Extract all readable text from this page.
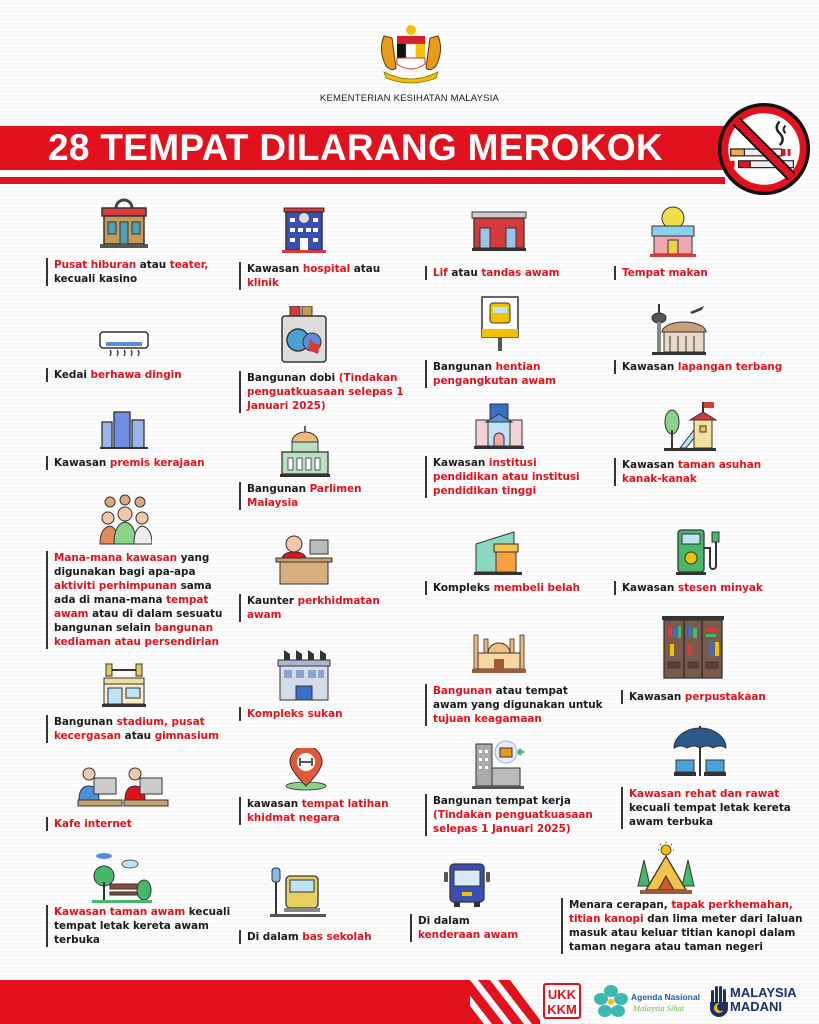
KEMENTERIAN KESIHATAN MALAYSIA
28 TEMPAT DILARANG MEROKOK
Pusat hiburan atau teater,
kecuali kasino
Kedai berhawa dingin
Kawasan premis kerajaan
Mana-mana kawasan yang digunakan bagi apa-apa aktiviti perhimpunan sama ada di mana-mana tempat awam atau di dalam sesuatu bangunan selain bangunan kediaman atau persendirian
Bangunan stadium, pusat kecergasan atau gimnasium
Kafe internet
Kawasan taman awam kecuali tempat letak kereta awam terbuka
Kawasan hospital atau klinik
Bangunan dobi (Tindakan penguatkuasaan selepas 1 Januari 2025)
Bangunan Parlimen Malaysia
Kaunter perkhidmatan awam
Kompleks sukan
kawasan tempat latihan khidmat negara
Di dalam bas sekolah
Lif atau tandas awam
Bangunan hentian pengangkutan awam
Kawasan institusi pendidikan atau institusi pendidikan tinggi
Kompleks membeli belah
Bangunan atau tempat awam yang digunakan untuk tujuan keagamaan
Bangunan tempat kerja (Tindakan penguatkuasaan selepas 1 Januari 2025)
Di dalam kenderaan awam
Tempat makan
Kawasan lapangan terbang
Kawasan taman asuhan kanak-kanak
Kawasan stesen minyak
Kawasan perpustakaan
Kawasan rehat dan rawat kecuali tempat letak kereta awam terbuka
Menara cerapan, tapak perkhemahan, titian kanopi dan lima meter dari laluan masuk atau keluar titian kanopi dalam taman negara atau taman negeri
UKK
KKM
Agenda Nasional
Malaysia Sihat
MALAYSIA
MADANI
